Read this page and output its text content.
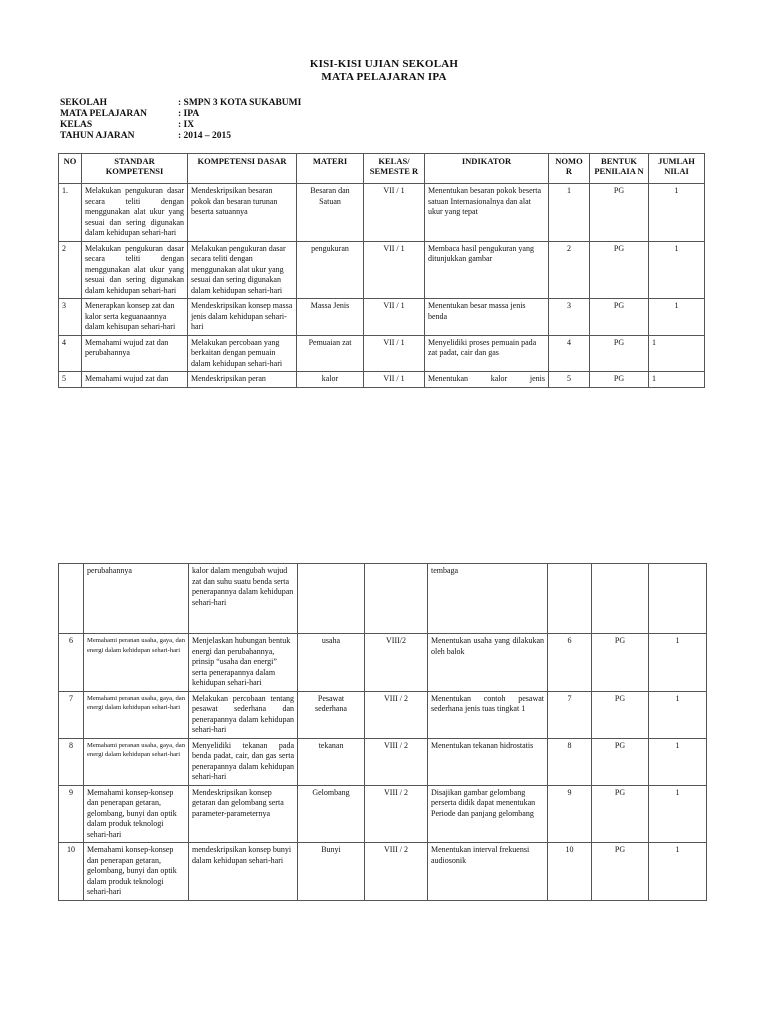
KISI-KISI UJIAN SEKOLAH
MATA PELAJARAN IPA
SEKOLAH	: SMPN 3 KOTA SUKABUMI
MATA PELAJARAN	: IPA
KELAS	: IX
TAHUN AJARAN	: 2014 – 2015
NO	STANDAR KOMPETENSI	KOMPETENSI DASAR	MATERI	KELAS/ SEMESTE R	INDIKATOR	NOMO R	BENTUK PENILAIA N	JUMLAH NILAI
1.	Melakukan pengukuran dasar secara teliti dengan menggunakan alat ukur yang sesuai dan sering digunakan dalam kehidupan sehari-hari	Mendeskripsikan besaran pokok dan besaran turunan beserta satuannya	Besaran dan Satuan	VII / 1	Menentukan besaran pokok beserta satuan Internasionalnya dan alat ukur yang tepat	1	PG	1
2	Melakukan pengukuran dasar secara teliti dengan menggunakan alat ukur yang sesuai dan sering digunakan dalam kehidupan sehari-hari	Melakukan pengukuran dasar secara teliti dengan menggunakan alat ukur yang sesuai dan sering digunakan dalam kehidupan sehari-hari	pengukuran	VII / 1	Membaca hasil pengukuran yang ditunjukkan gambar	2	PG	1
3	Menerapkan konsep zat dan kalor serta keguanaannya dalam kehisupan sehari-hari	Mendeskripsikan konsep massa jenis dalam kehidupan sehari-hari	Massa Jenis	VII / 1	Menentukan besar massa jenis benda	3	PG	1
4	Memahami wujud zat dan perubahannya	Melakukan percobaan yang berkaitan dengan pemuain dalam kehidupan sehari-hari	Pemuaian zat	VII / 1	Menyelidiki proses pemuain pada zat padat, cair dan gas	4	PG	1
5	Memahami wujud zat dan	Mendeskripsikan peran	kalor	VII / 1	Menentukan kalor jenis	5	PG	1
	perubahannya	kalor dalam mengubah wujud zat dan suhu suatu benda serta penerapannya dalam kehidupan sehari-hari			tembaga			
6	Memahami peranan usaha, gaya, dan energi dalam kehidupan sehari-hari	Menjelaskan hubungan bentuk energi dan perubahannya, prinsip “usaha dan energi” serta penerapannya dalam kehidupan sehari-hari	usaha	VIII/2	Menentukan usaha yang dilakukan oleh balok	6	PG	1
7	Memahami peranan usaha, gaya, dan energi dalam kehidupan sehari-hari	Melakukan percobaan tentang pesawat sederhana dan penerapannya dalam kehidupan sehari-hari	Pesawat sederhana	VIII / 2	Menentukan contoh pesawat sederhana jenis tuas tingkat 1	7	PG	1
8	Memahami peranan usaha, gaya, dan energi dalam kehidupan sehari-hari	Menyelidiki tekanan pada benda padat, cair, dan gas serta penerapannya dalam kehidupan sehari-hari	tekanan	VIII / 2	Menentukan tekanan hidrostatis	8	PG	1
9	Memahami konsep-konsep dan penerapan getaran, gelombang, bunyi dan optik dalam produk teknologi sehari-hari	Mendeskripsikan konsep getaran dan gelombang serta parameter-parameternya	Gelombang	VIII / 2	Disajikan gambar gelombang perserta didik dapat menentukan Periode dan panjang gelombang	9	PG	1
10	Memahami konsep-konsep dan penerapan getaran, gelombang, bunyi dan optik dalam produk teknologi sehari-hari	mendeskripsikan konsep bunyi dalam kehidupan sehari-hari	Bunyi	VIII / 2	Menentukan interval frekuensi audiosonik	10	PG	1
